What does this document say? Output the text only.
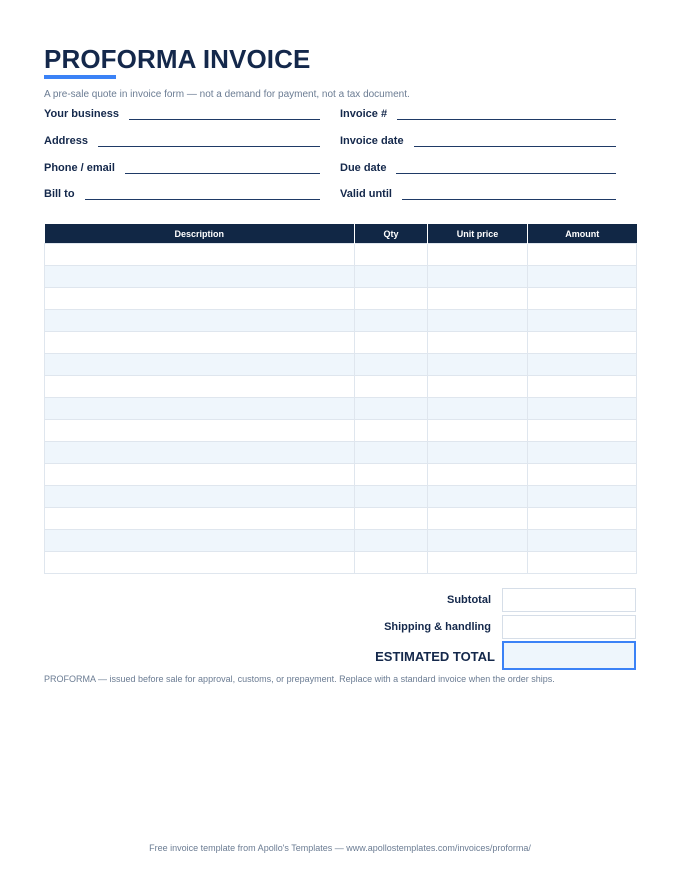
PROFORMA INVOICE
A pre-sale quote in invoice form — not a demand for payment, not a tax document.
Your business
Address
Phone / email
Bill to
Invoice #
Invoice date
Due date
Valid until
Description	Qty	Unit price	Amount

Subtotal
Shipping & handling
ESTIMATED TOTAL
PROFORMA — issued before sale for approval, customs, or prepayment. Replace with a standard invoice when the order ships.
Free invoice template from Apollo's Templates — www.apollostemplates.com/invoices/proforma/
